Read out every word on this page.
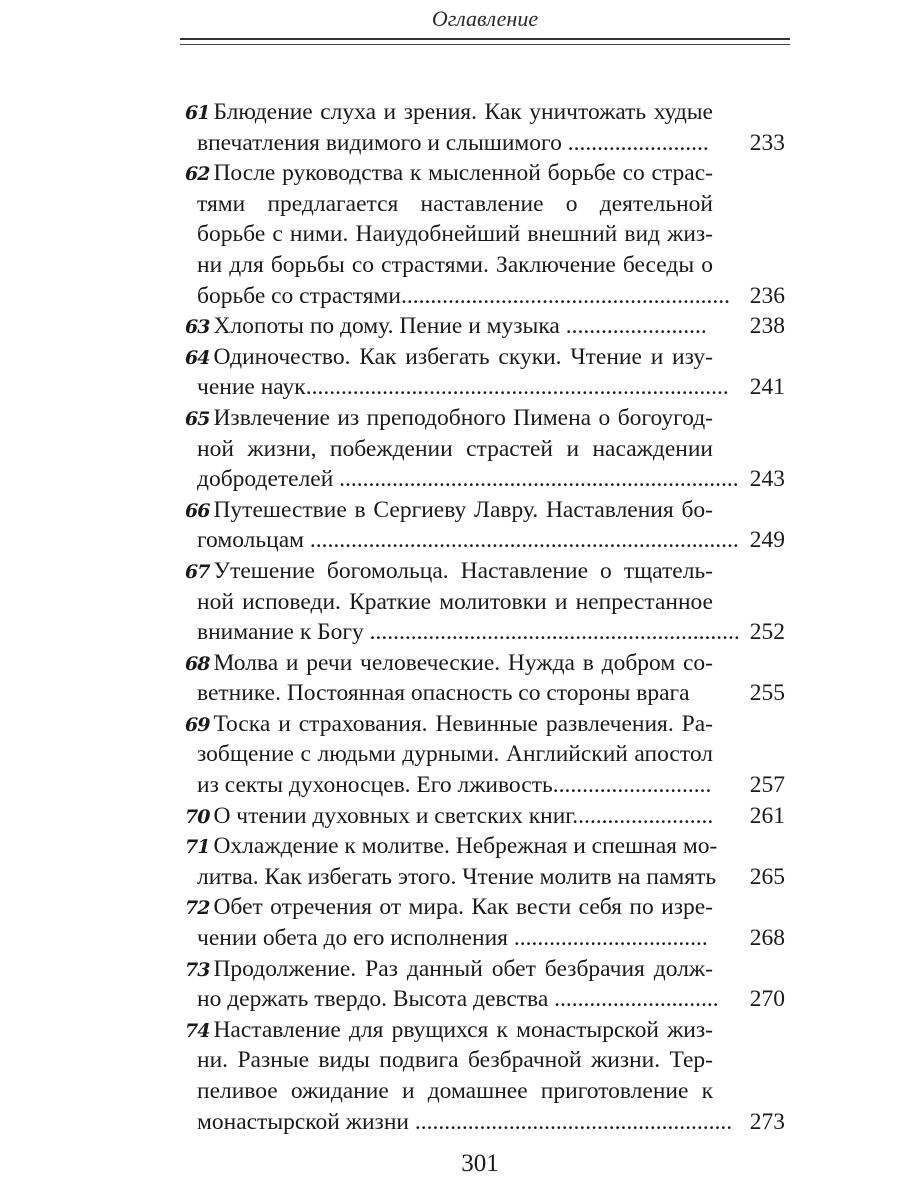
Оглавление
61 Блюдение слуха и зрения. Как уничтожать худые
впечатления видимого и слышимого ........................ 233
62 После руководства к мысленной борьбе со страс-
тями предлагается наставление о деятельной
борьбе с ними. Наиудобнейший внешний вид жиз-
ни для борьбы со страстями. Заключение беседы о
борьбе со страстями........................................................ 236
63 Хлопоты по дому. Пение и музыка ........................ 238
64 Одиночество. Как избегать скуки. Чтение и изу-
чение наук........................................................................ 241
65 Извлечение из преподобного Пимена о богоугод-
ной жизни, побеждении страстей и насаждении
добродетелей .................................................................... 243
66 Путешествие в Сергиеву Лавру. Наставления бо-
гомольцам ......................................................................... 249
67 Утешение богомольца. Наставление о тщатель-
ной исповеди. Краткие молитовки и непрестанное
внимание к Богу ............................................................... 252
68 Молва и речи человеческие. Нужда в добром со-
ветнике. Постоянная опасность со стороны врага	255
69 Тоска и страхования. Невинные развлечения. Ра-
зобщение с людьми дурными. Английский апостол
из секты духоносцев. Его лживость........................... 257
70 О чтении духовных и светских книг........................ 261
71 Охлаждение к молитве. Небрежная и спешная мо-
литва. Как избегать этого. Чтение молитв на память 265
72 Обет отречения от мира. Как вести себя по изре-
чении обета до его исполнения ................................. 268
73 Продолжение. Раз данный обет безбрачия долж-
но держать твердо. Высота девства ............................ 270
74 Наставление для рвущихся к монастырской жиз-
ни. Разные виды подвига безбрачной жизни. Тер-
пеливое ожидание и домашнее приготовление к
монастырской жизни ...................................................... 273
301
